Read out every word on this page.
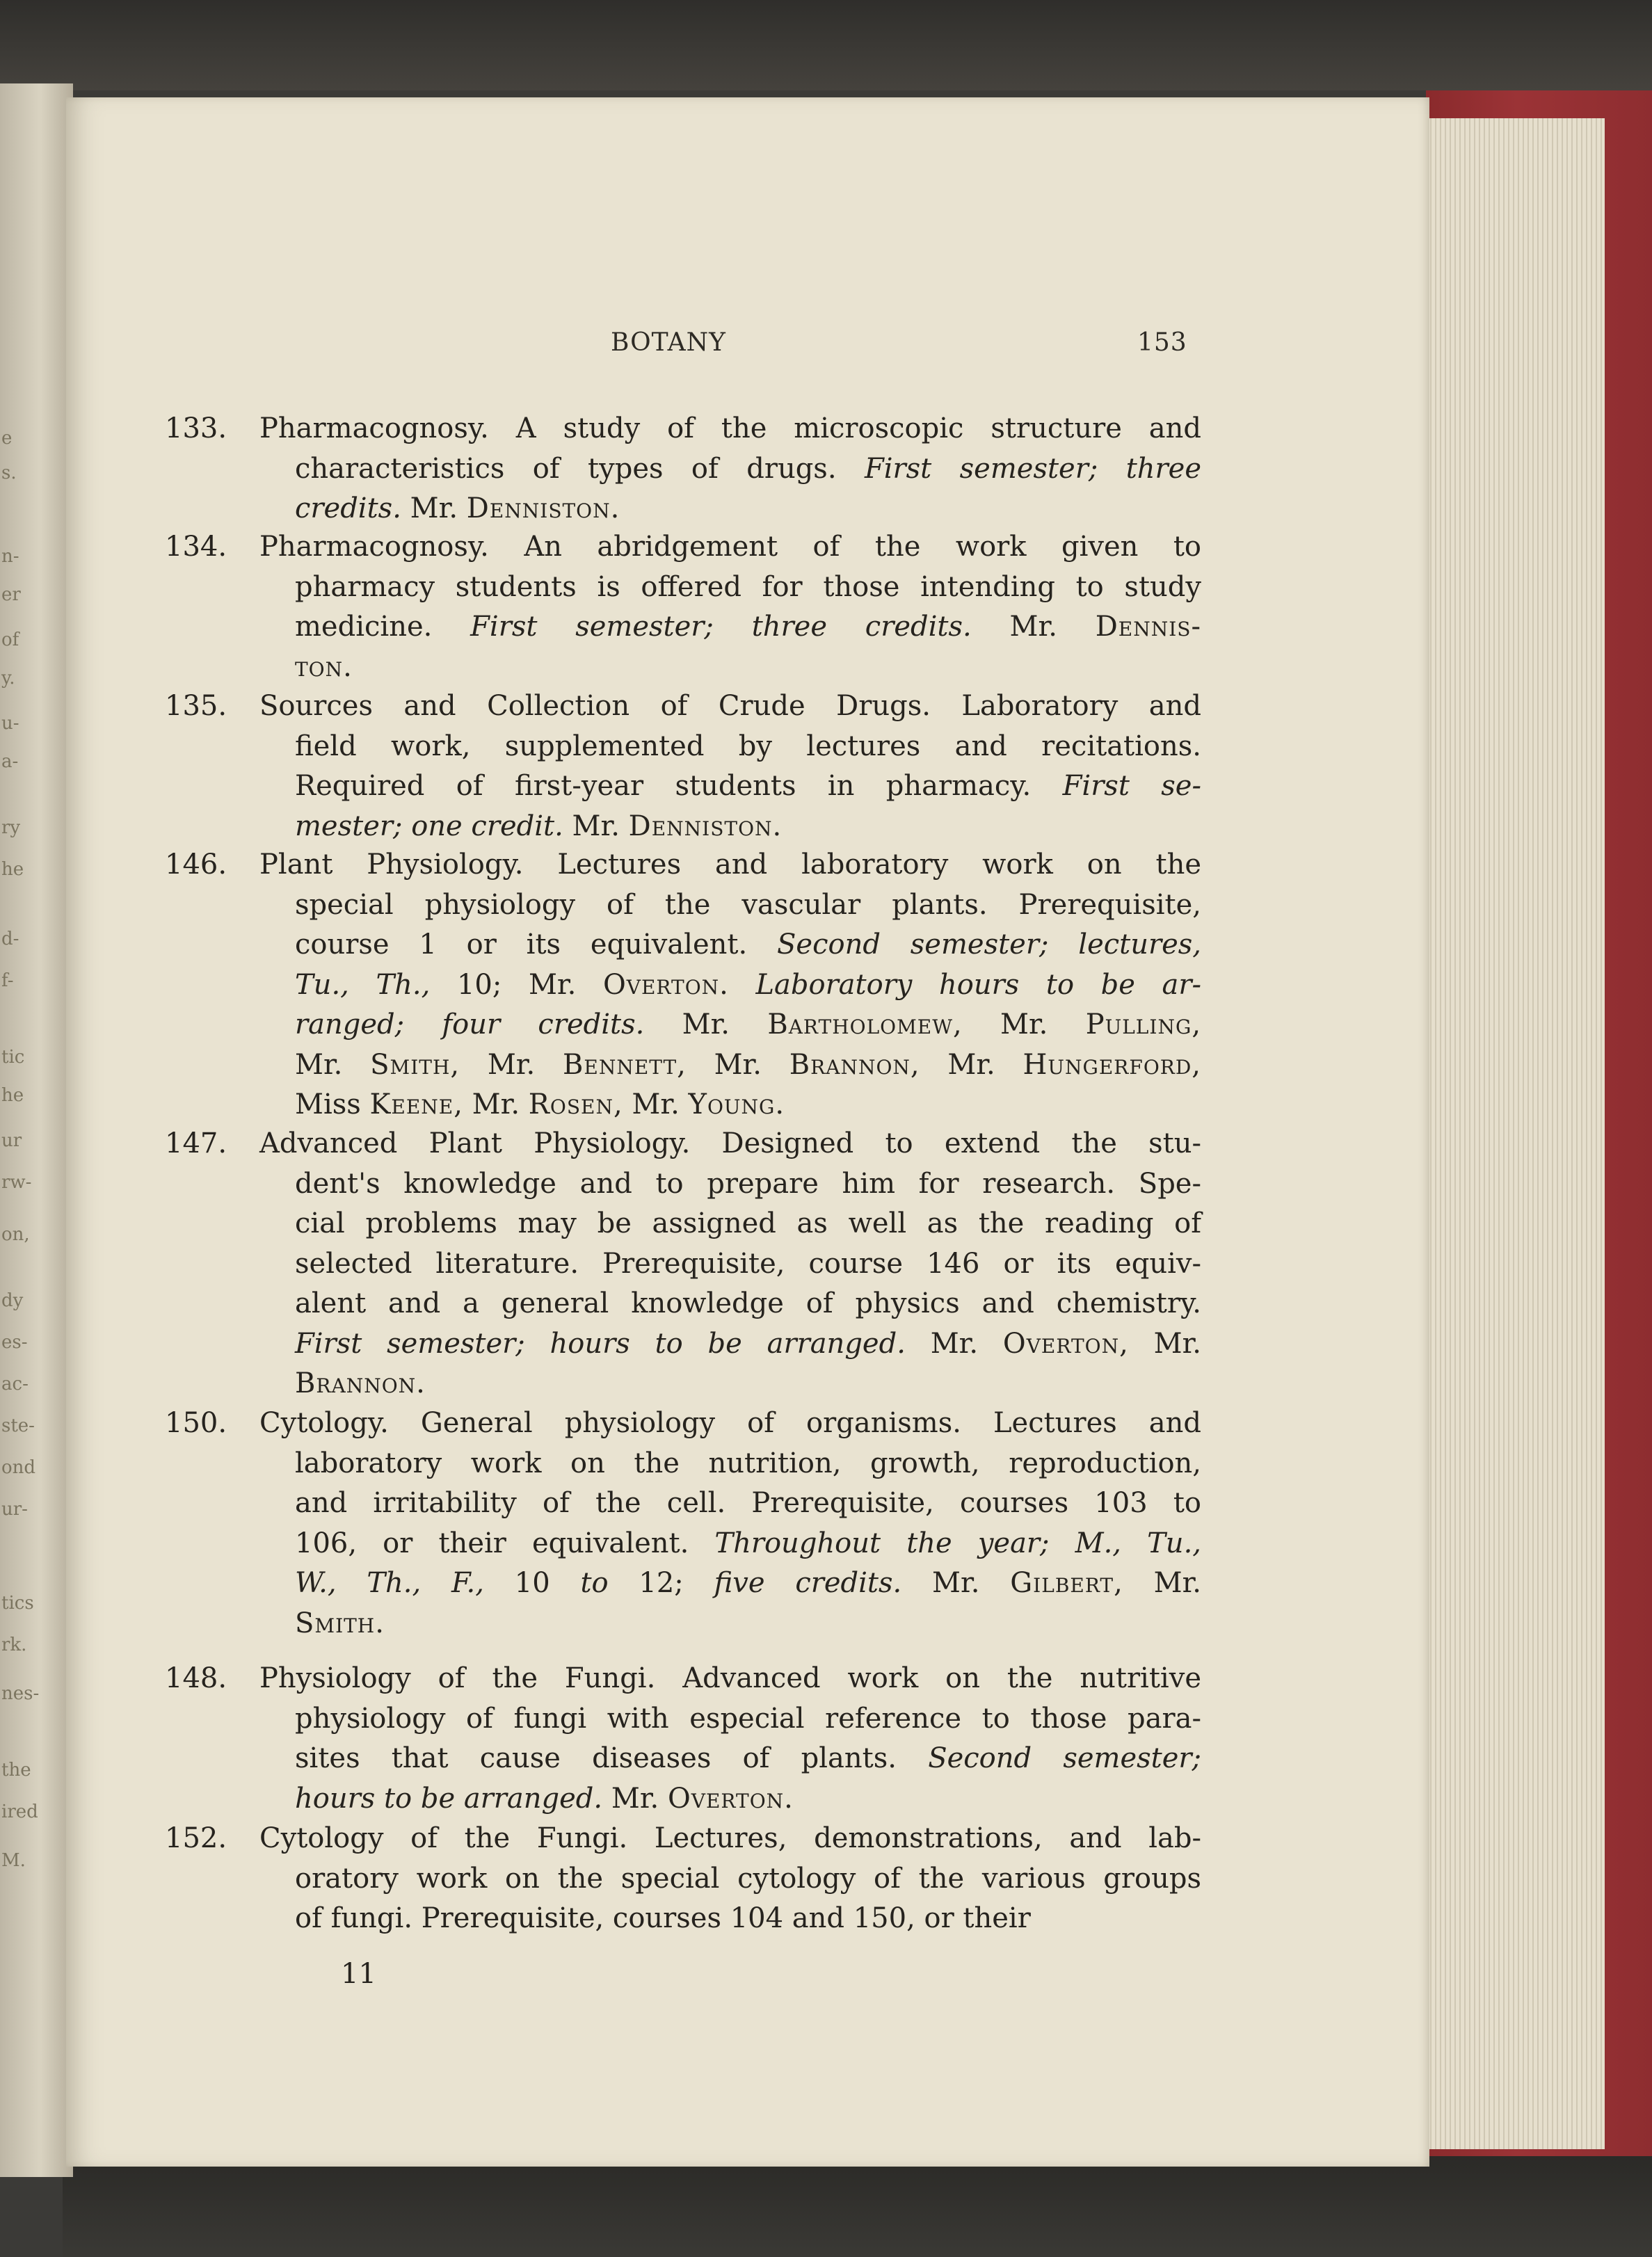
BOTANY	153
133. Pharmacognosy. A study of the microscopic structure and
characteristics of types of drugs. First semester; three
credits. Mr. Denniston.
134. Pharmacognosy. An abridgement of the work given to
pharmacy students is offered for those intending to study
medicine. First semester; three credits. Mr. Dennis-
ton.
135. Sources and Collection of Crude Drugs. Laboratory and
field work, supplemented by lectures and recitations.
Required of first-year students in pharmacy. First se-
mester; one credit. Mr. Denniston.
146. Plant Physiology. Lectures and laboratory work on the
special physiology of the vascular plants. Prerequisite,
course 1 or its equivalent. Second semester; lectures,
Tu., Th., 10; Mr. Overton. Laboratory hours to be ar-
ranged; four credits. Mr. Bartholomew, Mr. Pulling,
Mr. Smith, Mr. Bennett, Mr. Brannon, Mr. Hungerford,
Miss Keene, Mr. Rosen, Mr. Young.
147. Advanced Plant Physiology. Designed to extend the stu-
dent's knowledge and to prepare him for research. Spe-
cial problems may be assigned as well as the reading of
selected literature. Prerequisite, course 146 or its equiv-
alent and a general knowledge of physics and chemistry.
First semester; hours to be arranged. Mr. Overton, Mr.
Brannon.
150. Cytology. General physiology of organisms. Lectures and
laboratory work on the nutrition, growth, reproduction,
and irritability of the cell. Prerequisite, courses 103 to
106, or their equivalent. Throughout the year; M., Tu.,
W., Th., F., 10 to 12; five credits. Mr. Gilbert, Mr.
Smith.
148. Physiology of the Fungi. Advanced work on the nutritive
physiology of fungi with especial reference to those para-
sites that cause diseases of plants. Second semester;
hours to be arranged. Mr. Overton.
152. Cytology of the Fungi. Lectures, demonstrations, and lab-
oratory work on the special cytology of the various groups
of fungi. Prerequisite, courses 104 and 150, or their
11
e
s.
n-
er
of
y.
u-
a-
ry
he
d-
f-
tic
he
ur
rw-
on,
dy
es-
ac-
ste-
ond
ur-
tics
rk.
nes-
the
ired
M.
